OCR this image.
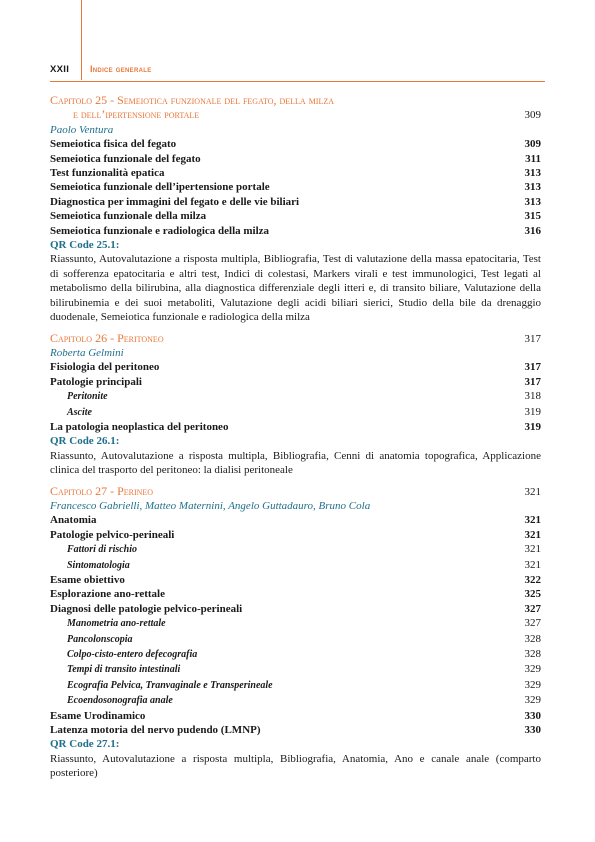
XXII Indice generale
Capitolo 25 - Semeiotica funzionale del fegato, della milza
e dell’ipertensione portale	309
Paolo Ventura
Semeiotica fisica del fegato	309
Semeiotica funzionale del fegato	311
Test funzionalità epatica	313
Semeiotica funzionale dell’ipertensione portale	313
Diagnostica per immagini del fegato e delle vie biliari	313
Semeiotica funzionale della milza	315
Semeiotica funzionale e radiologica della milza	316
QR Code 25.1:
Riassunto, Autovalutazione a risposta multipla, Bibliografia, Test di valutazione della massa epatocitaria, Test di sofferenza epatocitaria e altri test, Indici di colestasi, Markers virali e test immunologici, Test legati al metabolismo della bilirubina, alla diagnostica differenziale degli itteri e, di transito biliare, Valutazione della bilirubinemia e dei suoi metaboliti, Valutazione degli acidi biliari sierici, Studio della bile da drenaggio duodenale, Semeiotica funzionale e radiologica della milza
Capitolo 26 - Peritoneo	317
Roberta Gelmini
Fisiologia del peritoneo	317
Patologie principali	317
Peritonite	318
Ascite	319
La patologia neoplastica del peritoneo	319
QR Code 26.1:
Riassunto, Autovalutazione a risposta multipla, Bibliografia, Cenni di anatomia topografica, Applicazione clinica del trasporto del peritoneo: la dialisi peritoneale
Capitolo 27 - Perineo	321
Francesco Gabrielli, Matteo Maternini, Angelo Guttadauro, Bruno Cola
Anatomia	321
Patologie pelvico-perineali	321
Fattori di rischio	321
Sintomatologia	321
Esame obiettivo	322
Esplorazione ano-rettale	325
Diagnosi delle patologie pelvico-perineali	327
Manometria ano-rettale	327
Pancolonscopia	328
Colpo-cisto-entero defecografia	328
Tempi di transito intestinali	329
Ecografia Pelvica, Tranvaginale e Transperineale	329
Ecoendosonografia anale	329
Esame Urodinamico	330
Latenza motoria del nervo pudendo (LMNP)	330
QR Code 27.1:
Riassunto, Autovalutazione a risposta multipla, Bibliografia, Anatomia, Ano e canale anale (comparto posteriore)
